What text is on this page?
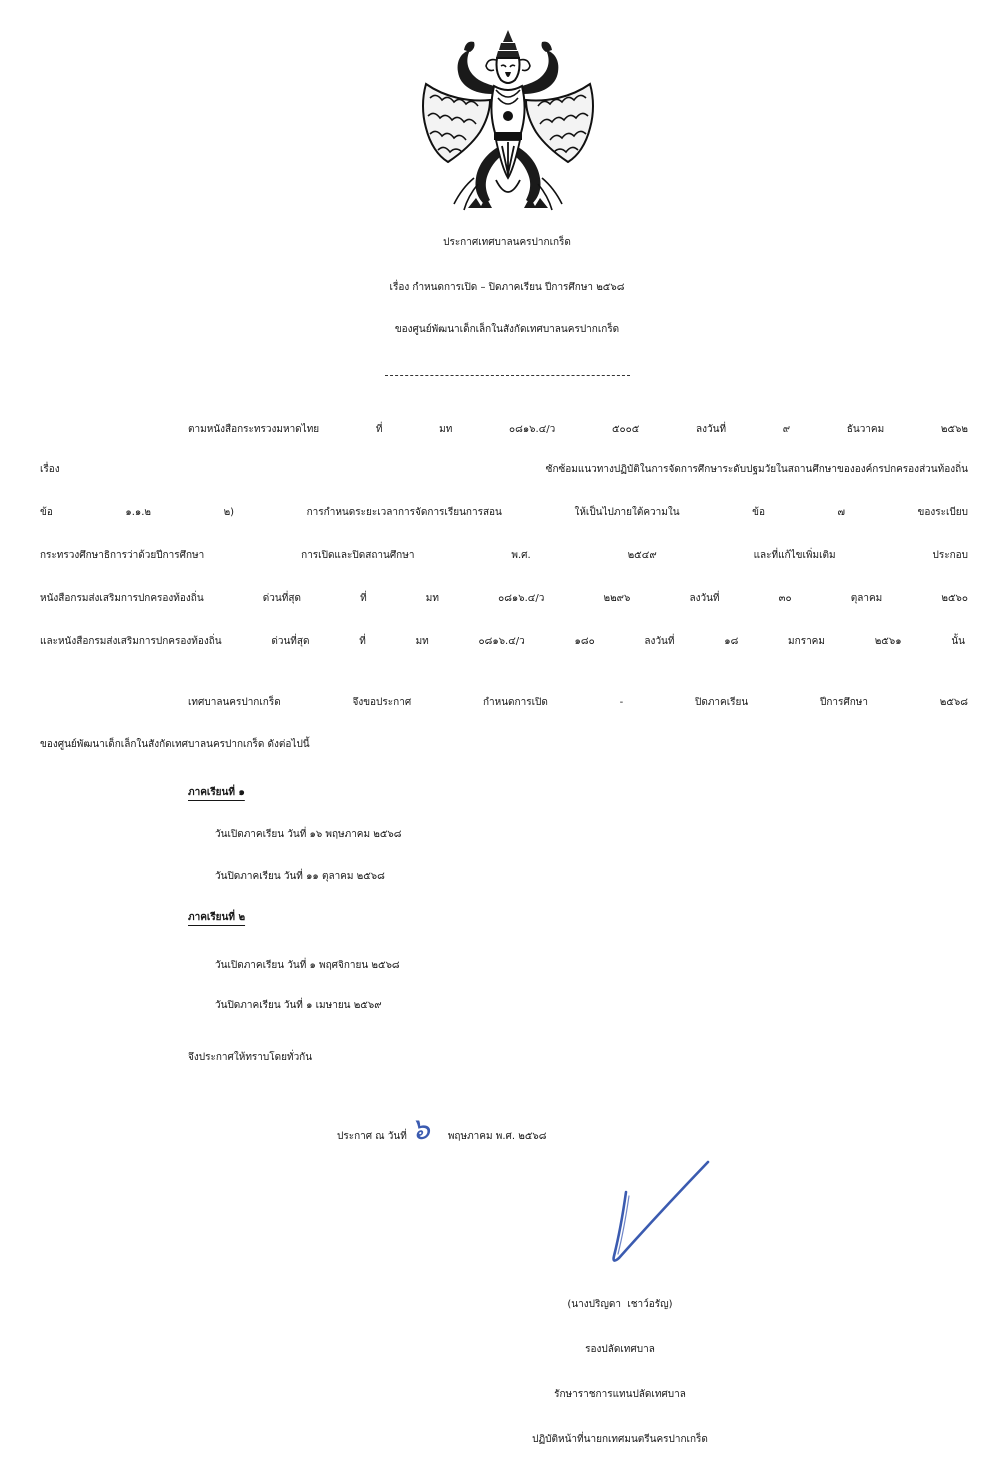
ประกาศเทศบาลนครปากเกร็ด
เรื่อง กำหนดการเปิด – ปิดภาคเรียน ปีการศึกษา ๒๕๖๘
ของศูนย์พัฒนาเด็กเล็กในสังกัดเทศบาลนครปากเกร็ด
ตามหนังสือกระทรวงมหาดไทย ที่ มท ๐๘๑๖.๔/ว ๕๐๐๕ ลงวันที่ ๙ ธันวาคม ๒๕๖๒
เรื่อง ซักซ้อมแนวทางปฏิบัติในการจัดการศึกษาระดับปฐมวัยในสถานศึกษาขององค์กรปกครองส่วนท้องถิ่น
ข้อ ๑.๑.๒ ๒) การกำหนดระยะเวลาการจัดการเรียนการสอน ให้เป็นไปภายใต้ความใน ข้อ ๗ ของระเบียบ
กระทรวงศึกษาธิการว่าด้วยปีการศึกษา การเปิดและปิดสถานศึกษา พ.ศ. ๒๕๔๙ และที่แก้ไขเพิ่มเติม ประกอบ
หนังสือกรมส่งเสริมการปกครองท้องถิ่น ด่วนที่สุด ที่ มท ๐๘๑๖.๔/ว ๒๒๙๖ ลงวันที่ ๓๐ ตุลาคม ๒๕๖๐
และหนังสือกรมส่งเสริมการปกครองท้องถิ่น ด่วนที่สุด ที่ มท ๐๘๑๖.๔/ว ๑๘๐ ลงวันที่ ๑๘ มกราคม ๒๕๖๑ นั้น
เทศบาลนครปากเกร็ด จึงขอประกาศ กำหนดการเปิด - ปิดภาคเรียน ปีการศึกษา ๒๕๖๘
ของศูนย์พัฒนาเด็กเล็กในสังกัดเทศบาลนครปากเกร็ด ดังต่อไปนี้
ภาคเรียนที่ ๑
วันเปิดภาคเรียน วันที่ ๑๖ พฤษภาคม ๒๕๖๘
วันปิดภาคเรียน วันที่ ๑๑ ตุลาคม ๒๕๖๘
ภาคเรียนที่ ๒
วันเปิดภาคเรียน วันที่ ๑ พฤศจิกายน ๒๕๖๘
วันปิดภาคเรียน วันที่ ๑ เมษายน ๒๕๖๙
จึงประกาศให้ทราบโดยทั่วกัน
ประกาศ ณ วันที่ ๖ พฤษภาคม พ.ศ. ๒๕๖๘
(นางปริญดา  เชาว์อรัญ)
รองปลัดเทศบาล
รักษาราชการแทนปลัดเทศบาล
ปฏิบัติหน้าที่นายกเทศมนตรีนครปากเกร็ด
